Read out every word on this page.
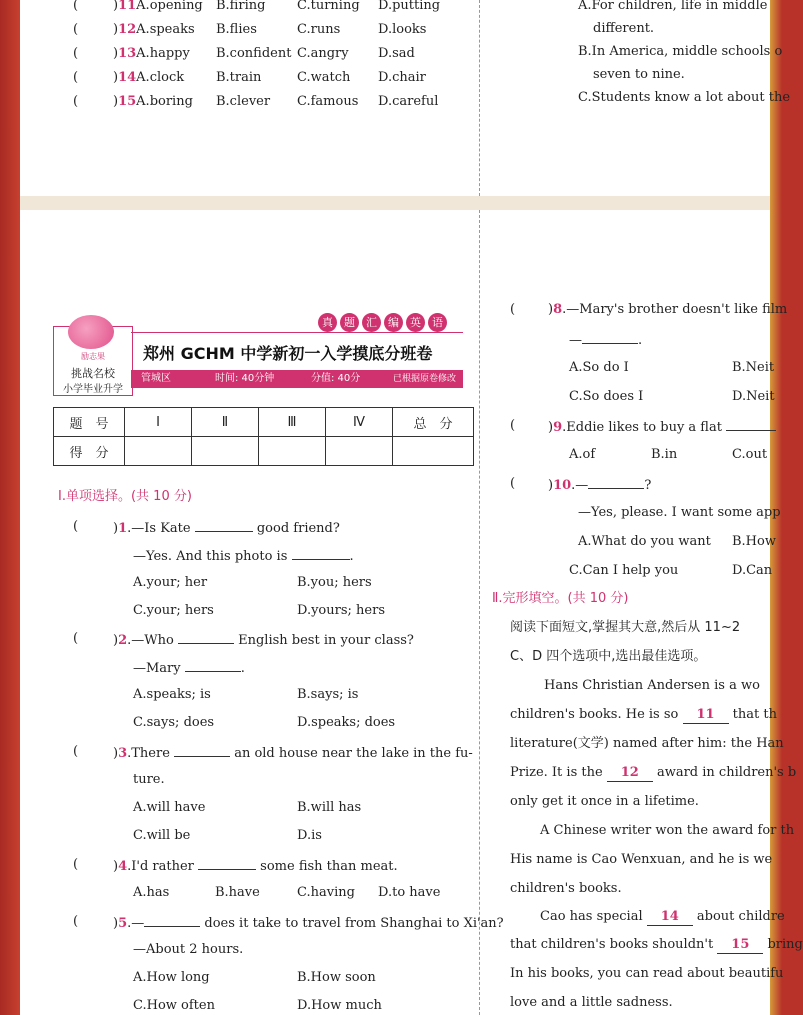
(	)11A.opening B.firing C.turning D.putting
(	)12A.speaks B.flies	C.runs	D.looks
(	)13A.happy B.confident C.angry D.sad
(	)14A.clock B.train	C.watch D.chair
(	)15A.boring B.clever C.famous D.careful
A.For children, life in middle
different.
B.In America, middle schools o
seven to nine.
C.Students know a lot about the
励志果
挑战名校
小学毕业升学
真 题 汇 编 英 语
郑州 GCHM 中学新初一入学摸底分班卷
管城区	时间: 40分钟	分值: 40分	已根据原卷修改
题　号	Ⅰ	Ⅱ	Ⅲ	Ⅳ	总　分
得　分					
Ⅰ.单项选择。(共 10 分)
(	)1.—Is Kate	good friend?
—Yes. And this photo is	.
A.your; her	B.you; hers
C.your; hers	D.yours; hers
(	)2.—Who	English best in your class?
—Mary	.
A.speaks; is	B.says; is
C.says; does	D.speaks; does
(	)3.There	an old house near the lake in the fu-
ture.
A.will have	B.will has
C.will be	D.is
(	)4.I'd rather	some fish than meat.
A.has	B.have	C.having D.to have
(	)5.—	does it take to travel from Shanghai to Xi'an?
—About 2 hours.
A.How long	B.How soon
C.How often	D.How much
(	)8.—Mary's brother doesn't like film
—	.
A.So do I	B.Neit
C.So does I	D.Neit
(	)9.Eddie likes to buy a flat
A.of	B.in	C.out
(	)10.—	?
—Yes, please. I want some app
A.What do you want B.How
C.Can I help you	D.Can
Ⅱ.完形填空。(共 10 分)
阅读下面短文,掌握其大意,然后从 11~2
C、D 四个选项中,选出最佳选项。
Hans Christian Andersen is a wo
children's books. He is so 11 that th
literature(文学) named after him: the Han
Prize. It is the 12 award in children's b
only get it once in a lifetime.
A Chinese writer won the award for th
His name is Cao Wenxuan, and he is we
children's books.
Cao has special 14 about childre
that children's books shouldn't 15 bring
In his books, you can read about beautifu
love and a little sadness.
